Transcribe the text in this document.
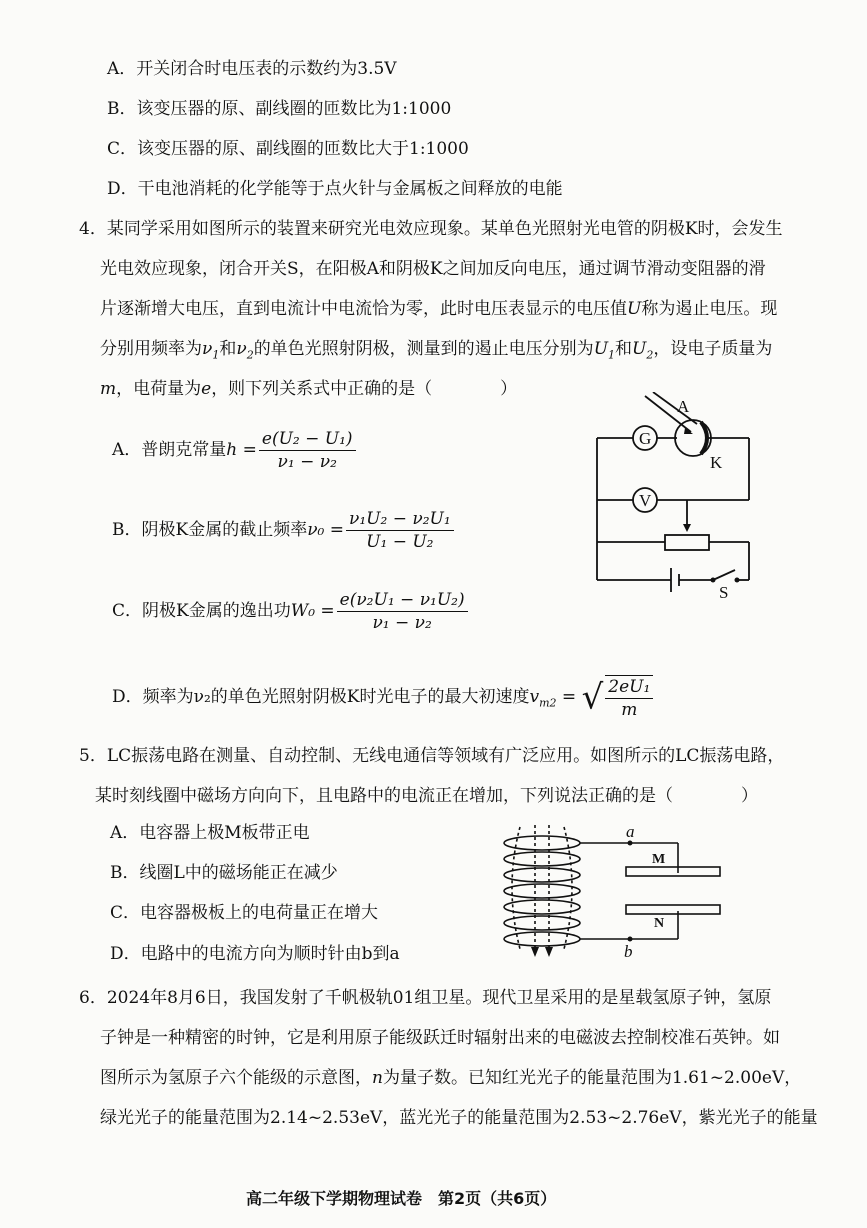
A．开关闭合时电压表的示数约为3.5V
B．该变压器的原、副线圈的匝数比为1:1000
C．该变压器的原、副线圈的匝数比大于1:1000
D．干电池消耗的化学能等于点火针与金属板之间释放的电能
4．某同学采用如图所示的装置来研究光电效应现象。某单色光照射光电管的阴极K时，会发生
光电效应现象，闭合开关S，在阳极A和阴极K之间加反向电压，通过调节滑动变阻器的滑
片逐渐增大电压，直到电流计中电流恰为零，此时电压表显示的电压值U称为遏止电压。现
分别用频率为$\nu_1$和$\nu_2$的单色光照射阴极，测量到的遏止电压分别为$U_1$和$U_2$，设电子质量为
m，电荷量为e，则下列关系式中正确的是（　　　　）
A．普朗克常量$h = \frac{\text{e(U₂ − U₁)}}{\text{ν₁ − ν₂}}$
B．阴极K金属的截止频率$\nu_0 = \frac{\text{ν₁U₂ − ν₂U₁}}{\text{U₁ − U₂}}$
C．阴极K金属的逸出功$W_0 = \frac{\text{e(ν₂U₁ − ν₁U₂)}}{\text{ν₁ − ν₂}}$
D．频率为ν₂的单色光照射阴极K时光电子的最大初速度$v_{m2}$ = √ $\frac{\text{2eU₁}}{m}$
G
A
K
V
S
5．LC振荡电路在测量、自动控制、无线电通信等领域有广泛应用。如图所示的LC振荡电路，
某时刻线圈中磁场方向向下，且电路中的电流正在增加，下列说法正确的是（　　　　）
A．电容器上极M板带正电
B．线圈L中的磁场能正在减少
C．电容器极板上的电荷量正在增大
D．电路中的电流方向为顺时针由b到a
a
b
M
N
6．2024年8月6日，我国发射了千帆极轨01组卫星。现代卫星采用的是星载氢原子钟，氢原
子钟是一种精密的时钟，它是利用原子能级跃迁时辐射出来的电磁波去控制校准石英钟。如
图所示为氢原子六个能级的示意图，n为量子数。已知红光光子的能量范围为1.61~2.00eV，
绿光光子的能量范围为2.14~2.53eV，蓝光光子的能量范围为2.53~2.76eV，紫光光子的能量
高二年级下学期物理试卷　第2页（共6页）
